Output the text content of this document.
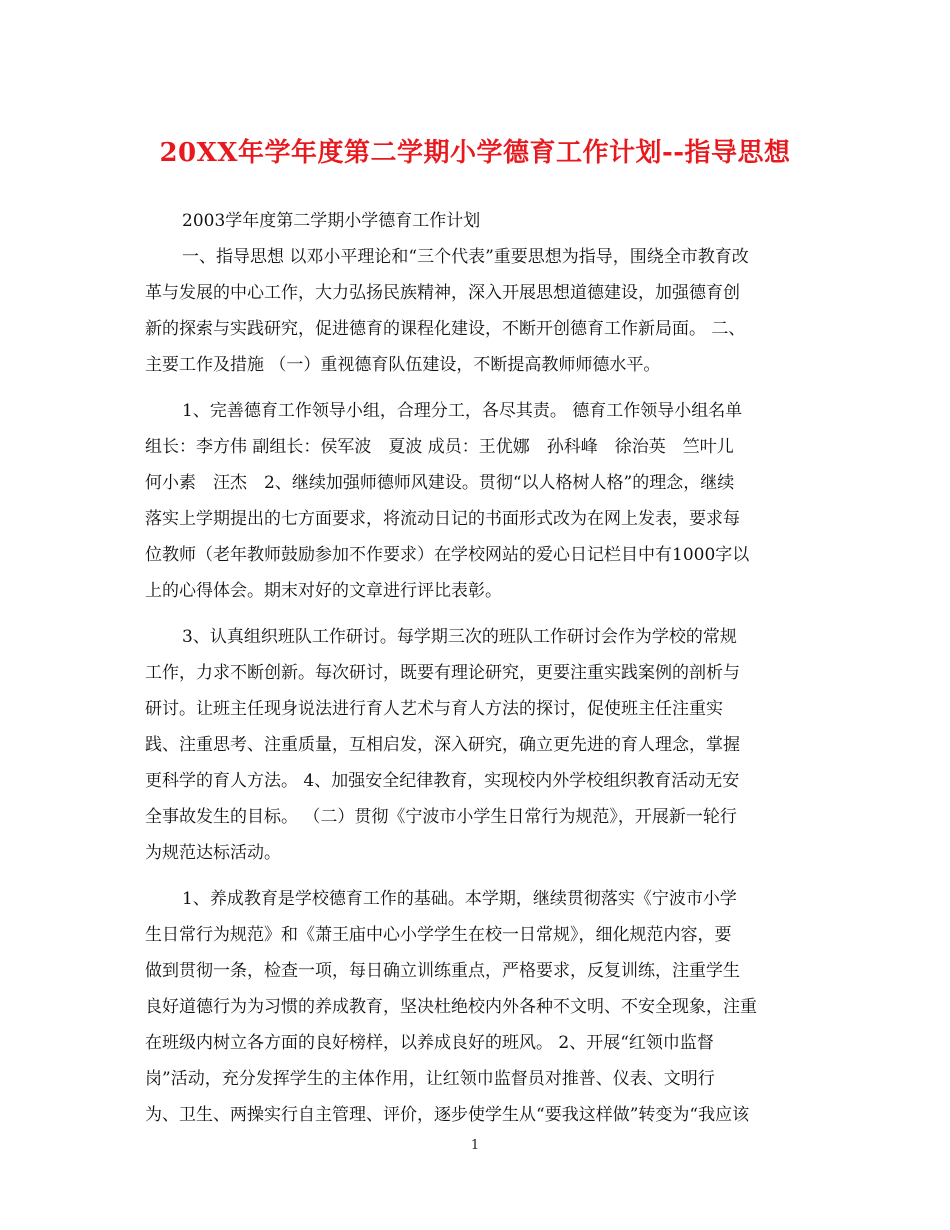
20XX年学年度第二学期小学德育工作计划--指导思想
2003学年度第二学期小学德育工作计划
一、指导思想 以邓小平理论和“三个代表”重要思想为指导，围绕全市教育改
革与发展的中心工作，大力弘扬民族精神，深入开展思想道德建设，加强德育创
新的探索与实践研究，促进德育的课程化建设，不断开创德育工作新局面。 二、
主要工作及措施 （一）重视德育队伍建设，不断提高教师师德水平。
1、完善德育工作领导小组，合理分工，各尽其责。 德育工作领导小组名单
组长：李方伟 副组长：侯军波　夏波 成员：王优娜　孙科峰　徐治英　竺叶儿
何小素　汪杰　2、继续加强师德师风建设。贯彻“以人格树人格”的理念，继续
落实上学期提出的七方面要求，将流动日记的书面形式改为在网上发表，要求每
位教师（老年教师鼓励参加不作要求）在学校网站的爱心日记栏目中有1000字以
上的心得体会。期末对好的文章进行评比表彰。
3、认真组织班队工作研讨。每学期三次的班队工作研讨会作为学校的常规
工作，力求不断创新。每次研讨，既要有理论研究，更要注重实践案例的剖析与
研讨。让班主任现身说法进行育人艺术与育人方法的探讨，促使班主任注重实
践、注重思考、注重质量，互相启发，深入研究，确立更先进的育人理念，掌握
更科学的育人方法。 4、加强安全纪律教育，实现校内外学校组织教育活动无安
全事故发生的目标。 （二）贯彻《宁波市小学生日常行为规范》，开展新一轮行
为规范达标活动。
1、养成教育是学校德育工作的基础。本学期，继续贯彻落实《宁波市小学
生日常行为规范》和《萧王庙中心小学学生在校一日常规》，细化规范内容，要
做到贯彻一条，检查一项，每日确立训练重点，严格要求，反复训练，注重学生
良好道德行为为习惯的养成教育，坚决杜绝校内外各种不文明、不安全现象，注重
在班级内树立各方面的良好榜样，以养成良好的班风。 2、开展“红领巾监督
岗”活动，充分发挥学生的主体作用，让红领巾监督员对推普、仪表、文明行
为、卫生、两操实行自主管理、评价，逐步使学生从“要我这样做”转变为“我应该
1
